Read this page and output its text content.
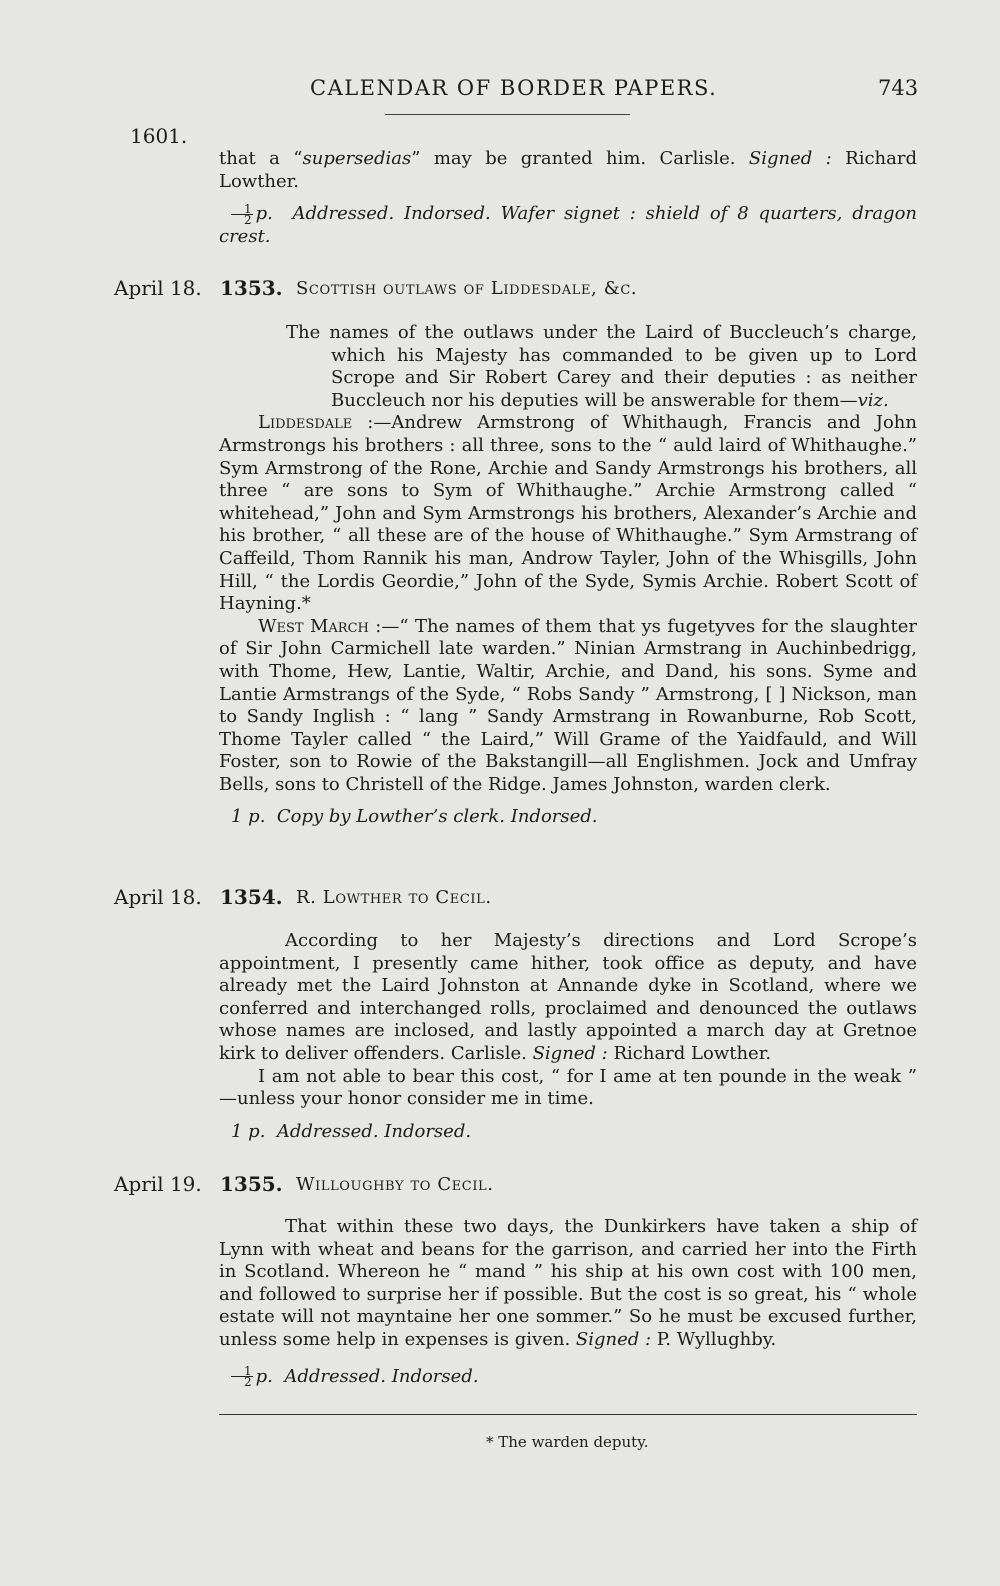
CALENDAR OF BORDER PAPERS.	743
1601.

that a “supersedias” may be granted him. Carlisle. Signed : Richard Lowther.

$\frac{1}{2} p$. Addressed. Indorsed. Wafer signet : shield of 8 quarters, dragon crest.

April 18. 1353. Scottish outlaws of Liddesdale, &c.

The names of the outlaws under the Laird of Buccleuch’s charge, which his Majesty has commanded to be given up to Lord Scrope and Sir Robert Carey and their deputies : as neither Buccleuch nor his deputies will be answerable for them—viz.

Liddesdale :—Andrew Armstrong of Whithaugh, Francis and John Armstrongs his brothers : all three, sons to the “ auld laird of Whithaughe.” Sym Armstrong of the Rone, Archie and Sandy Armstrongs his brothers, all three “ are sons to Sym of Whithaughe.” Archie Armstrong called “ whitehead,” John and Sym Armstrongs his brothers, Alexander’s Archie and his brother, “ all these are of the house of Whithaughe.” Sym Armstrang of Caffeild, Thom Rannik his man, Androw Tayler, John of the Whisgills, John Hill, “ the Lordis Geordie,” John of the Syde, Symis Archie. Robert Scott of Hayning.*

West March :—“ The names of them that ys fugetyves for the slaughter of Sir John Carmichell late warden.” Ninian Armstrang in Auchinbedrigg, with Thome, Hew, Lantie, Waltir, Archie, and Dand, his sons. Syme and Lantie Armstrangs of the Syde, “ Robs Sandy ” Armstrong, [ ] Nickson, man to Sandy Inglish : “ lang ” Sandy Armstrang in Rowanburne, Rob Scott, Thome Tayler called “ the Laird,” Will Grame of the Yaidfauld, and Will Foster, son to Rowie of the Bakstangill—all Englishmen. Jock and Umfray Bells, sons to Christell of the Ridge. James Johnston, warden clerk.

1 p. Copy by Lowther’s clerk. Indorsed.

April 18. 1354. R. Lowther to Cecil.

According to her Majesty’s directions and Lord Scrope’s appointment, I presently came hither, took office as deputy, and have already met the Laird Johnston at Annande dyke in Scotland, where we conferred and interchanged rolls, proclaimed and denounced the outlaws whose names are inclosed, and lastly appointed a march day at Gretnoe kirk to deliver offenders. Carlisle. Signed : Richard Lowther.

I am not able to bear this cost, “ for I ame at ten pounde in the weak ” —unless your honor consider me in time.

1 p. Addressed. Indorsed.

April 19. 1355. Willoughby to Cecil.

That within these two days, the Dunkirkers have taken a ship of Lynn with wheat and beans for the garrison, and carried her into the Firth in Scotland. Whereon he “ mand ” his ship at his own cost with 100 men, and followed to surprise her if possible. But the cost is so great, his “ whole estate will not mayntaine her one sommer.” So he must be excused further, unless some help in expenses is given. Signed : P. Wyllughby.

$\frac{1}{2} p$. Addressed. Indorsed.

* The warden deputy.
